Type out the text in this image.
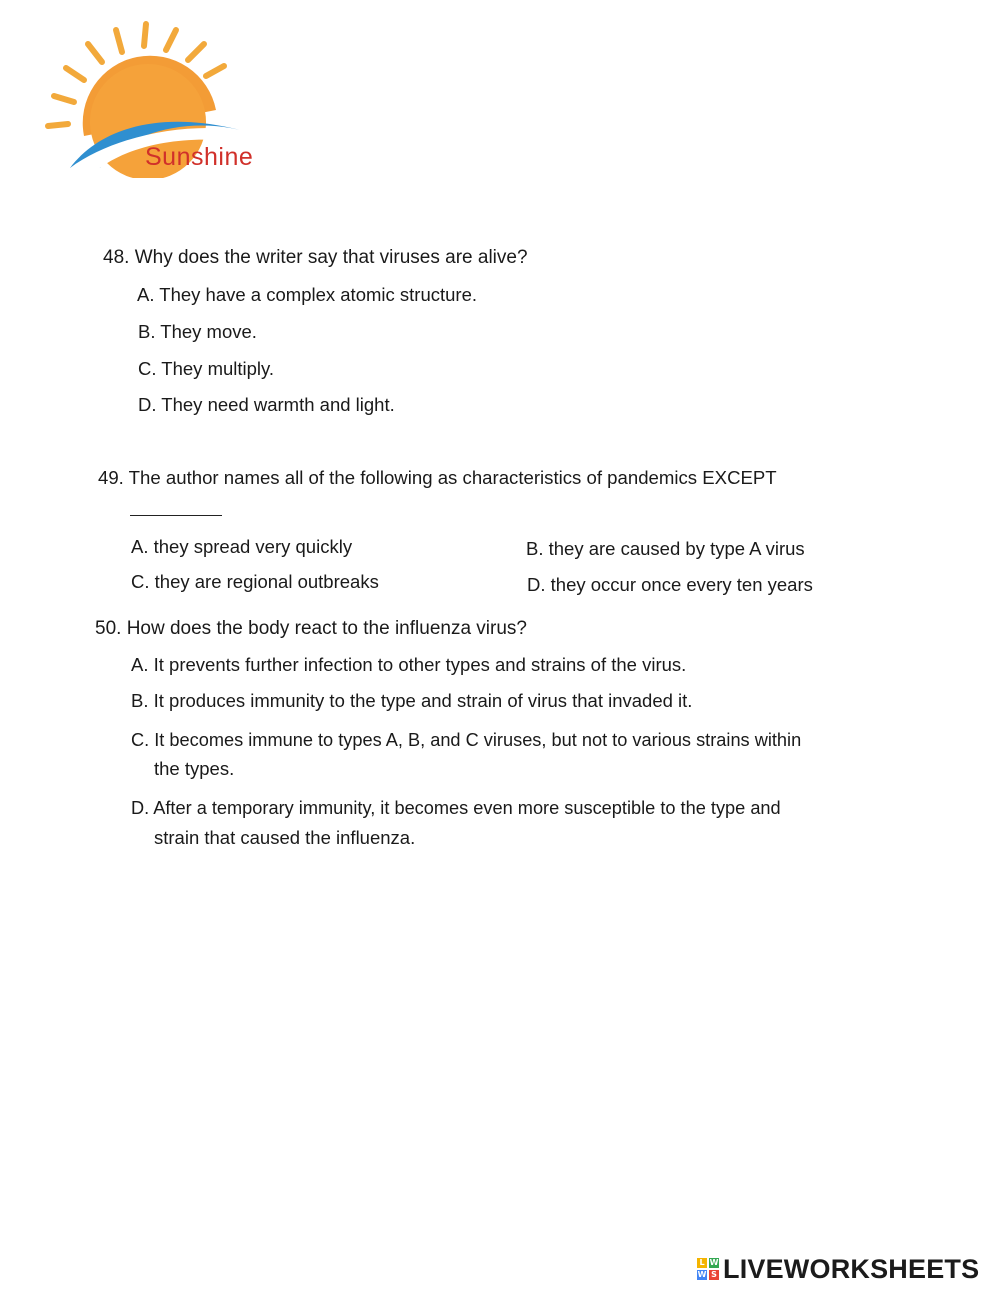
Sunshine
48. Why does the writer say that viruses are alive?
A. They have a complex atomic structure.
B. They move.
C. They multiply.
D. They need warmth and light.
49. The author names all of the following as characteristics of pandemics EXCEPT
A. they spread very quickly	B. they are caused by type A virus
C. they are regional outbreaks	D. they occur once every ten years
50. How does the body react to the influenza virus?
A. It prevents further infection to other types and strains of the virus.
B. It produces immunity to the type and strain of virus that invaded it.
C. It becomes immune to types A, B, and C viruses, but not to various strains within
the types.
D. After a temporary immunity, it becomes even more susceptible to the type and
strain that caused the influenza.
L W
W S LIVEWORKSHEETS
